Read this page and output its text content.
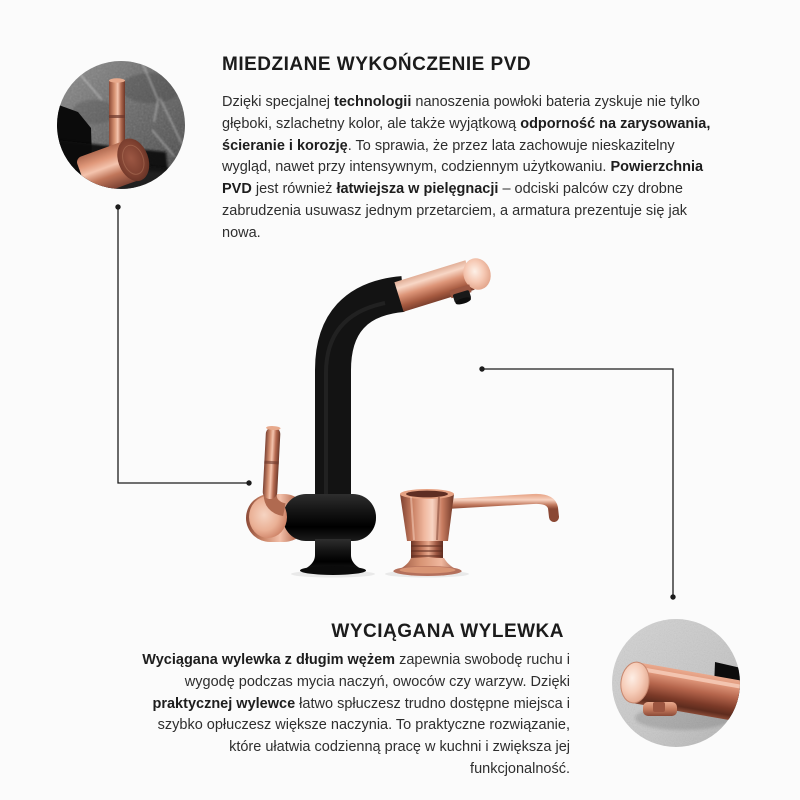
MIEDZIANE WYKOŃCZENIE PVD
Dzięki specjalnej technologii nanoszenia powłoki bateria zyskuje nie tylko głęboki, szlachetny kolor, ale także wyjątkową odporność na zarysowania, ścieranie i korozję. To sprawia, że przez lata zachowuje nieskazitelny wygląd, nawet przy intensywnym, codziennym użytkowaniu. Powierzchnia PVD jest również łatwiejsza w pielęgnacji – odciski palców czy drobne zabrudzenia usuwasz jednym przetarciem, a armatura prezentuje się jak nowa.
WYCIĄGANA WYLEWKA
Wyciągana wylewka z długim wężem zapewnia swobodę ruchu i wygodę podczas mycia naczyń, owoców czy warzyw. Dzięki praktycznej wylewce łatwo spłuczesz trudno dostępne miejsca i szybko opłuczesz większe naczynia. To praktyczne rozwiązanie, które ułatwia codzienną pracę w kuchni i zwiększa jej funkcjonalność.
